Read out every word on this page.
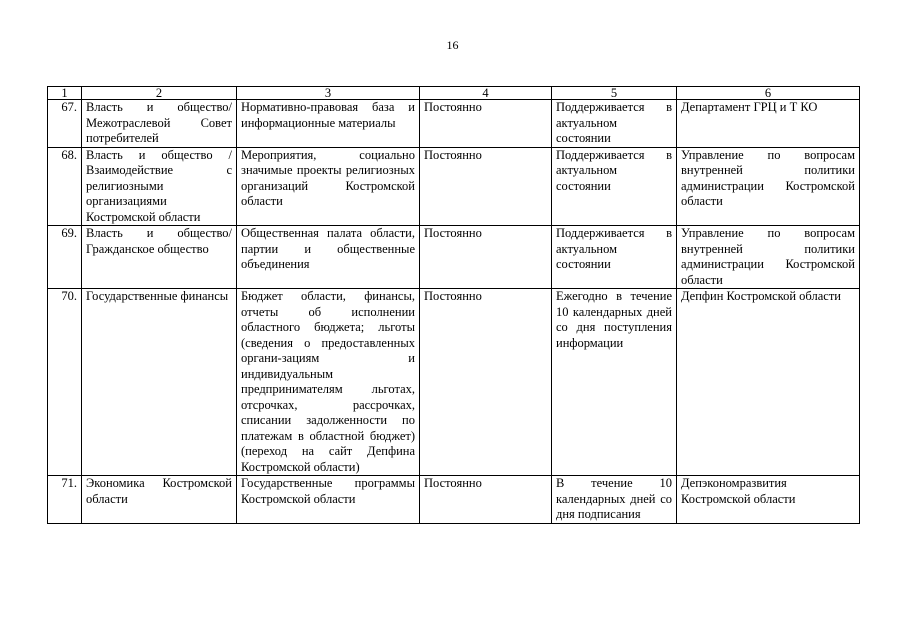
16
1	2	3	4	5	6
67.	Власть и общество/ Межотраслевой Совет потребителей	Нормативно-правовая база и информационные материалы	Постоянно	Поддерживается в актуальном состоянии	Департамент ГРЦ и Т КО
68.	Власть и общество /Взаимодействие с религиозными организациями Костромской области	Мероприятия, социально значимые проекты религиозных организаций Костромской области	Постоянно	Поддерживается в актуальном состоянии	Управление по вопросам внутренней политики администрации Костромской области
69.	Власть и общество/Гражданское общество	Общественная палата области, партии и общественные объединения	Постоянно	Поддерживается в актуальном состоянии	Управление по вопросам внутренней политики администрации Костромской области
70.	Государственные финансы	Бюджет области, финансы, отчеты об исполнении областного бюджета; льготы (сведения о предоставленных органи-зациям и индивидуальным предпринимателям льготах, отсрочках, рассрочках, списании задолженности по платежам в областной бюджет) (переход на сайт Депфина Костромской области)	Постоянно	Ежегодно в течение 10 календарных дней со дня поступления информации	Депфин Костромской области
71.	Экономика Костромской области	Государственные программы Костромской области	Постоянно	В течение 10 календарных дней со дня подписания	Депэкономразвития Костромской области
